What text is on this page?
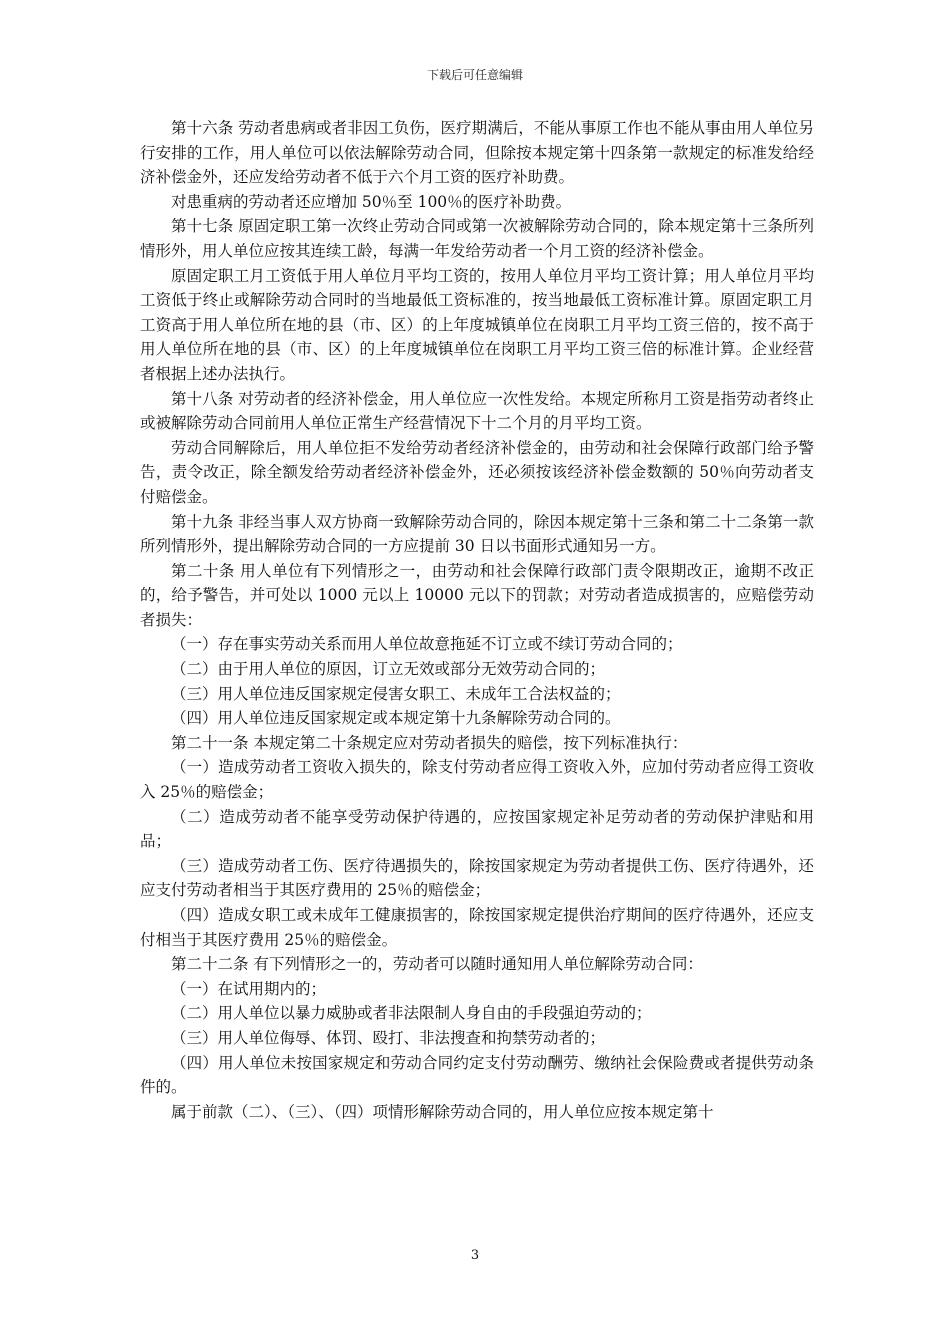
下载后可任意编辑

第十六条 劳动者患病或者非因工负伤，医疗期满后，不能从事原工作也不能从事由用人单位另行安排的工作，用人单位可以依法解除劳动合同，但除按本规定第十四条第一款规定的标准发给经济补偿金外，还应发给劳动者不低于六个月工资的医疗补助费。

对患重病的劳动者还应增加 50％至 100％的医疗补助费。

第十七条 原固定职工第一次终止劳动合同或第一次被解除劳动合同的，除本规定第十三条所列情形外，用人单位应按其连续工龄，每满一年发给劳动者一个月工资的经济补偿金。

原固定职工月工资低于用人单位月平均工资的，按用人单位月平均工资计算；用人单位月平均工资低于终止或解除劳动合同时的当地最低工资标准的，按当地最低工资标准计算。原固定职工月工资高于用人单位所在地的县（市、区）的上年度城镇单位在岗职工月平均工资三倍的，按不高于用人单位所在地的县（市、区）的上年度城镇单位在岗职工月平均工资三倍的标准计算。企业经营者根据上述办法执行。

第十八条 对劳动者的经济补偿金，用人单位应一次性发给。本规定所称月工资是指劳动者终止或被解除劳动合同前用人单位正常生产经营情况下十二个月的月平均工资。

劳动合同解除后，用人单位拒不发给劳动者经济补偿金的，由劳动和社会保障行政部门给予警告，责令改正，除全额发给劳动者经济补偿金外，还必须按该经济补偿金数额的 50％向劳动者支付赔偿金。

第十九条 非经当事人双方协商一致解除劳动合同的，除因本规定第十三条和第二十二条第一款所列情形外，提出解除劳动合同的一方应提前 30 日以书面形式通知另一方。

第二十条 用人单位有下列情形之一，由劳动和社会保障行政部门责令限期改正，逾期不改正的，给予警告，并可处以 1000 元以上 10000 元以下的罚款；对劳动者造成损害的，应赔偿劳动者损失：

（一）存在事实劳动关系而用人单位故意拖延不订立或不续订劳动合同的；

（二）由于用人单位的原因，订立无效或部分无效劳动合同的；

（三）用人单位违反国家规定侵害女职工、未成年工合法权益的；

（四）用人单位违反国家规定或本规定第十九条解除劳动合同的。

第二十一条 本规定第二十条规定应对劳动者损失的赔偿，按下列标准执行：

（一）造成劳动者工资收入损失的，除支付劳动者应得工资收入外，应加付劳动者应得工资收入 25％的赔偿金；

（二）造成劳动者不能享受劳动保护待遇的，应按国家规定补足劳动者的劳动保护津贴和用品；

（三）造成劳动者工伤、医疗待遇损失的，除按国家规定为劳动者提供工伤、医疗待遇外，还应支付劳动者相当于其医疗费用的 25％的赔偿金；

（四）造成女职工或未成年工健康损害的，除按国家规定提供治疗期间的医疗待遇外，还应支付相当于其医疗费用 25％的赔偿金。

第二十二条 有下列情形之一的，劳动者可以随时通知用人单位解除劳动合同：

（一）在试用期内的；

（二）用人单位以暴力威胁或者非法限制人身自由的手段强迫劳动的；

（三）用人单位侮辱、体罚、殴打、非法搜查和拘禁劳动者的；

（四）用人单位未按国家规定和劳动合同约定支付劳动酬劳、缴纳社会保险费或者提供劳动条件的。

属于前款（二）、（三）、（四）项情形解除劳动合同的，用人单位应按本规定第十

3
